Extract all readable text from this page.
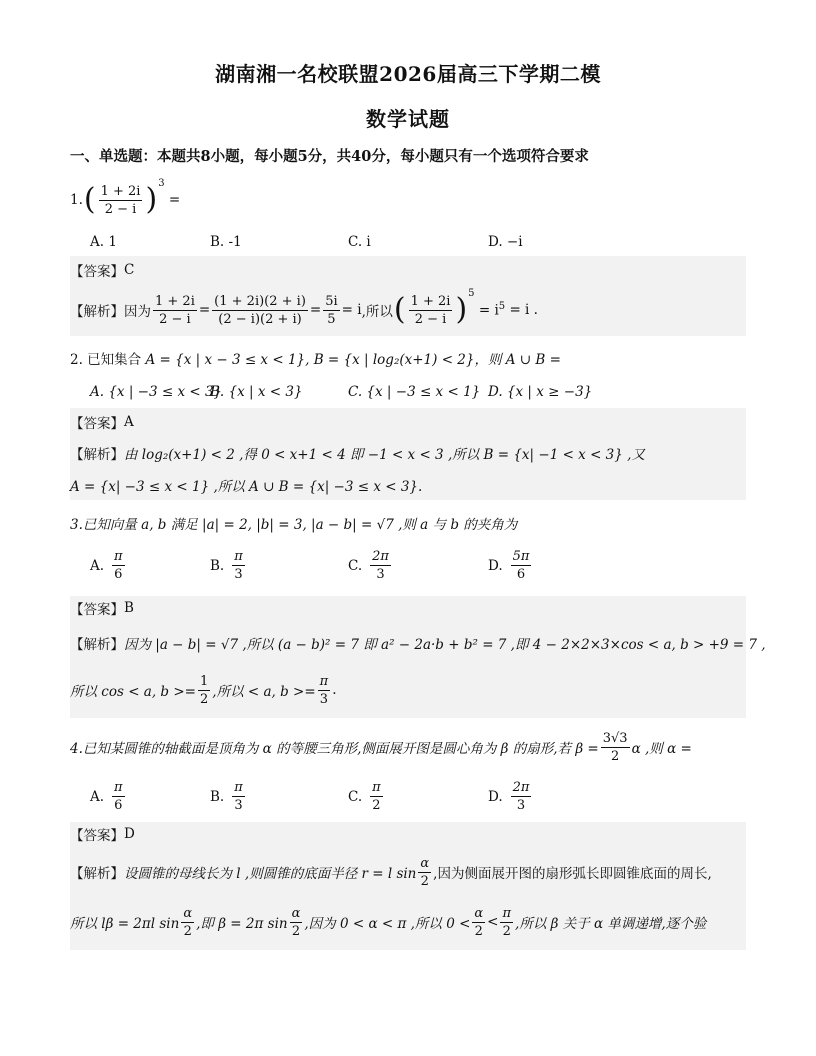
湖南湘一名校联盟2026届高三下学期二模
数学试题
一、单选题：本题共8小题，每小题5分，共40分，每小题只有一个选项符合要求
1. ( $\frac{1 + 2i}{2 - i} )^3$
=
A. 1	B. -1	C. i	D. −i
【答案】 C
【解析】 因为 $\frac{1 + 2i}{2 - i} = \frac{(1 + 2i)(2 + i)}{(2 - i)(2 + i)} = \frac{5i}{5} = i$ ,所以 ( $\frac{1 + 2i}{2 - i} )^5$
= $i^5 = i$ .
2. 已知集合
A = {x | x − 3 ≤ x < 1}, B = {x | log₂(x+1) < 2}，则 A ∪ B =
A. {x | −3 ≤ x < 3}
B. {x | x < 3}	C. {x | −3 ≤ x < 1} D. {x | x ≥ −3}
【答案】 A
【解析】 由 log₂(x+1) < 2 ,得 0 < x+1 < 4 即 −1 < x < 3 ,所以 B = {x| −1 < x < 3} ,又
A = {x| −3 ≤ x < 1} ,所以 A ∪ B = {x| −3 ≤ x < 3}.
3.已知向量 a, b 满足 |a| = 2, |b| = 3, |a − b| = √7 ,则 a 与 b 的夹角为
A. $\frac{\pi}{6}$	B. $\frac{\pi}{3}$	C. $\frac{2\pi}{3}$	D. $\frac{5\pi}{6}$
【答案】 B
【解析】 因为 |a − b| = √7 ,所以 (a − b)² = 7 即 a² − 2a·b + b² = 7 ,即 4 − 2×2×3×cos < a, b > +9 = 7 ,
所以 cos < a, $b >= \frac{1}{2}$ ,所以 < a, $b >= \frac{\pi}{3}$ .
4.已知某圆锥的轴截面是顶角为 α 的等腰三角形,侧面展开图是圆心角为 β 的扇形,若 $\beta = \frac{3√3}{2}$ α ,则 α =
A. $\frac{\pi}{6}$	B. $\frac{\pi}{3}$	C. $\frac{\pi}{2}$	D. $\frac{2\pi}{3}$
【答案】 D
【解析】 设圆锥的母线长为 l ,则圆锥的底面半径 r = l $\sin \frac{\alpha}{2}$ ,因为侧面展开图的扇形弧长即圆锥底面的周长,
所以 lβ = 2πl $\sin \frac{\alpha}{2}$ ,即 β = 2π $\sin \frac{\alpha}{2}$ ,因为 0 < α < π ,所以 $0 < \frac{\alpha}{2} < \frac{\pi}{2}$ ,所以 β 关于 α 单调递增,逐个验
